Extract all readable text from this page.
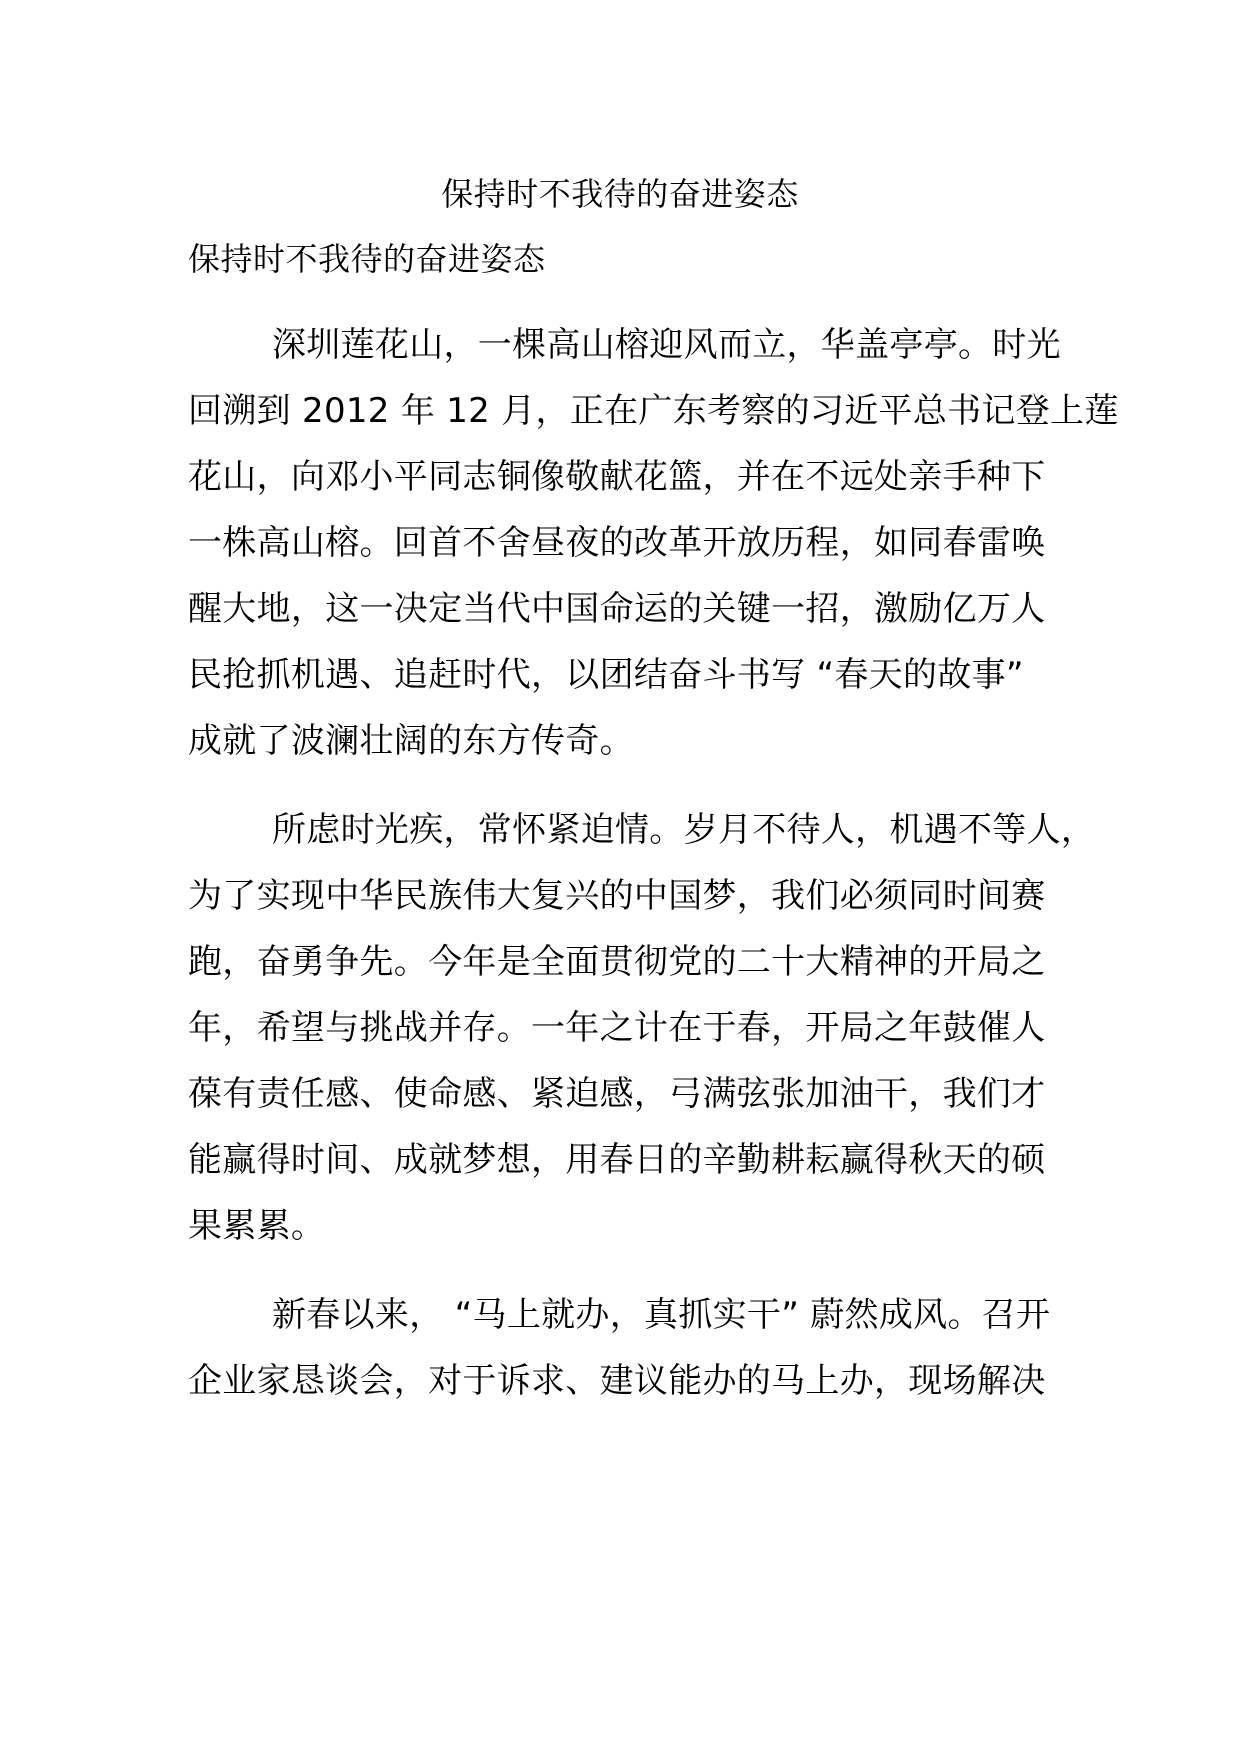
保持时不我待的奋进姿态

保持时不我待的奋进姿态

深圳莲花山，一棵高山榕迎风而立，华盖亭亭。时光
回溯到 2012 年 12 月，正在广东考察的习近平总书记登上莲
花山，向邓小平同志铜像敬献花篮，并在不远处亲手种下
一株高山榕。回首不舍昼夜的改革开放历程，如同春雷唤
醒大地，这一决定当代中国命运的关键一招，激励亿万人
民抢抓机遇、追赶时代，以团结奋斗书写 “春天的故事”
成就了波澜壮阔的东方传奇。
所虑时光疾，常怀紧迫情。岁月不待人，机遇不等人，
为了实现中华民族伟大复兴的中国梦，我们必须同时间赛
跑，奋勇争先。今年是全面贯彻党的二十大精神的开局之
年，希望与挑战并存。一年之计在于春，开局之年鼓催人
葆有责任感、使命感、紧迫感，弓满弦张加油干，我们才
能赢得时间、成就梦想，用春日的辛勤耕耘赢得秋天的硕
果累累。
新春以来， “马上就办，真抓实干” 蔚然成风。召开
企业家恳谈会，对于诉求、建议能办的马上办，现场解决
